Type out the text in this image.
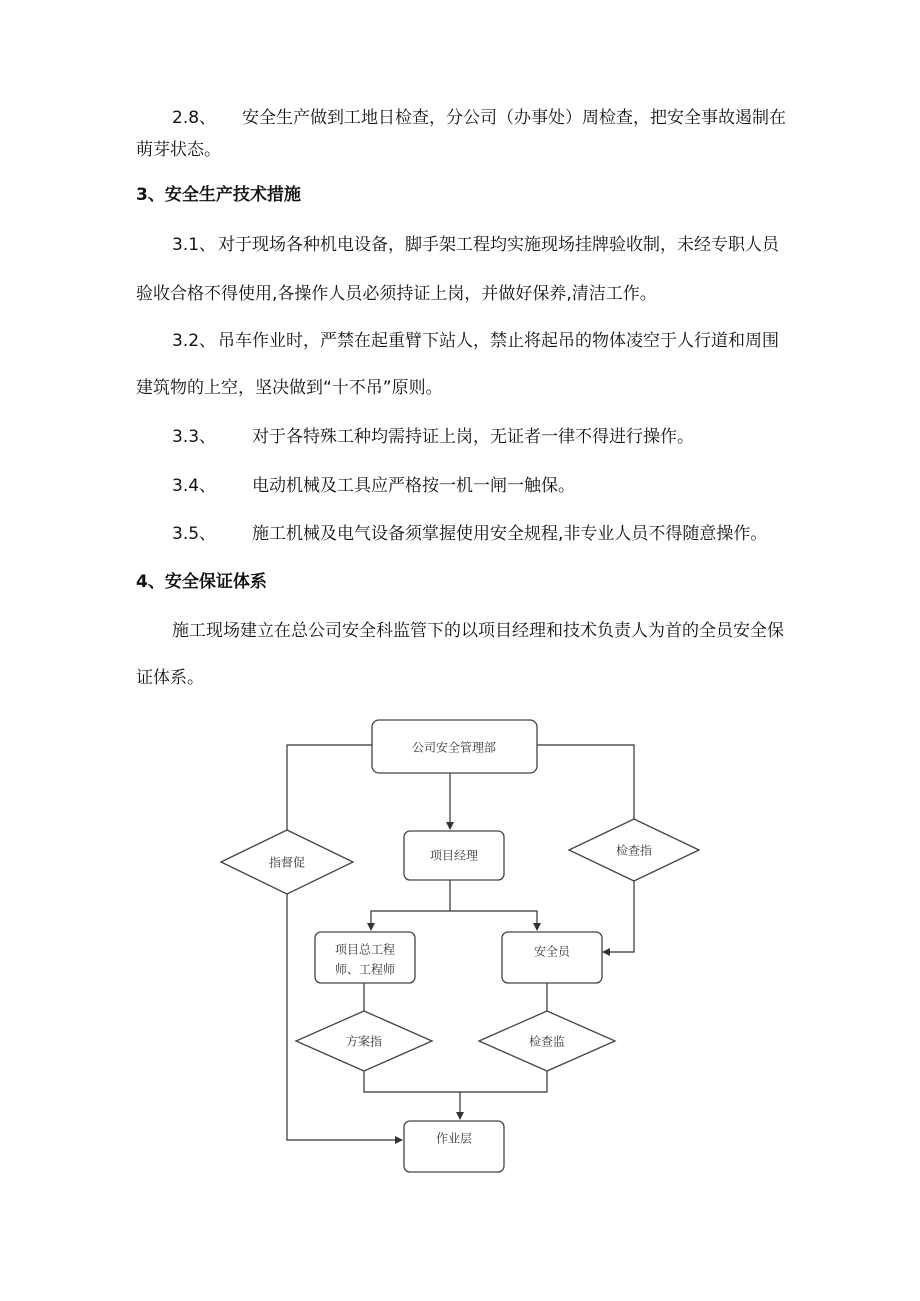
2.8、 安全生产做到工地日检查，分公司（办事处）周检查，把安全事故遏制在
萌芽状态。
3、安全生产技术措施
3.1、 对于现场各种机电设备，脚手架工程均实施现场挂牌验收制，未经专职人员
验收合格不得使用,各操作人员必须持证上岗，并做好保养,清洁工作。
3.2、 吊车作业时，严禁在起重臂下站人，禁止将起吊的物体凌空于人行道和周围
建筑物的上空，坚决做到“十不吊”原则。
3.3、 对于各特殊工种均需持证上岗，无证者一律不得进行操作。
3.4、 电动机械及工具应严格按一机一闸一触保。
3.5、 施工机械及电气设备须掌握使用安全规程,非专业人员不得随意操作。
4、安全保证体系
施工现场建立在总公司安全科监管下的以项目经理和技术负责人为首的全员安全保
证体系。
公司安全管理部
项目经理
指督促
检查指
项目总工程
师、工程师
安全员
方案指	检查监
作业层
